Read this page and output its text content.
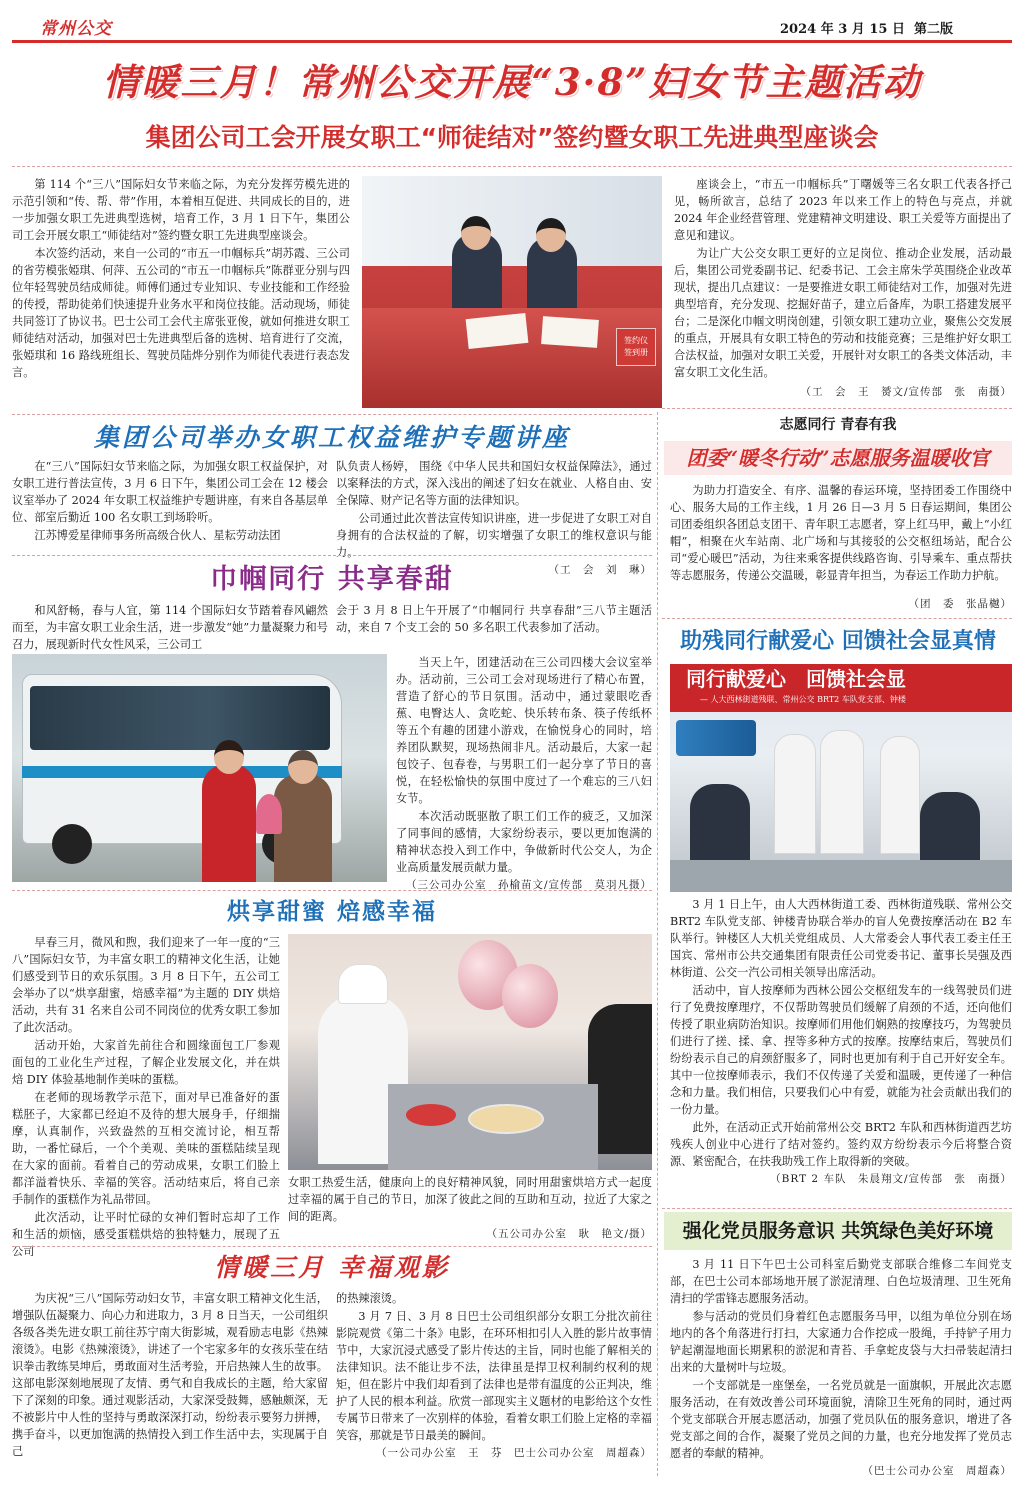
常州公交	2024 年 3 月 15 日 第二版
情暖三月！常州公交开展“3·8”妇女节主题活动
集团公司工会开展女职工“师徒结对”签约暨女职工先进典型座谈会

第 114 个“三八”国际妇女节来临之际，为充分发挥劳模先进的示范引领和“传、帮、带”作用，本着相互促进、共同成长的目的，进一步加强女职工先进典型选树，培育工作，3 月 1 日下午，集团公司工会开展女职工“师徒结对”签约暨女职工先进典型座谈会。

本次签约活动，来自一公司的“市五一巾帼标兵”胡苏霞、三公司的省劳模张婭琪、何萍、五公司的“市五一巾帼标兵”陈群亚分别与四位年轻驾驶员结成师徒。师傅们通过专业知识、专业技能和工作经验的传授，帮助徒弟们快速提升业务水平和岗位技能。活动现场，师徒共同签订了协议书。巴士公司工会代主席张亚俊，就如何推进女职工师徒结对活动，加强对巴士先进典型后备的选树、培育进行了交流，张婭琪和 16 路线班组长、驾驶员陆烨分别作为师徒代表进行表态发言。

签约仪
签到册

座谈会上，“市五一巾帼标兵”丁曙媛等三名女职工代表各抒己见，畅所欲言，总结了 2023 年以来工作上的特色与亮点，并就 2024 年企业经营管理、党建精神文明建设、职工关爱等方面提出了意见和建议。

为让广大公交女职工更好的立足岗位、推动企业发展，活动最后，集团公司党委副书记、纪委书记、工会主席朱学英围绕企业改革现状，提出几点建议：一是要推进女职工师徒结对工作，加强对先进典型培育，充分发现、挖掘好苗子，建立后备库，为职工搭建发展平台；二是深化巾帼文明岗创建，引领女职工建功立业，聚焦公交发展的重点，开展具有女职工特色的劳动和技能竞赛；三是维护好女职工合法权益，加强对女职工关爱，开展针对女职工的各类文体活动，丰富女职工文化生活。

（工　会　王　赟文/宣传部　张　南摄）

集团公司举办女职工权益维护专题讲座

在“三八”国际妇女节来临之际，为加强女职工权益保护，对女职工进行普法宣传，3 月 6 日下午，集团公司工会在 12 楼会议室举办了 2024 年女职工权益维护专题讲座，有来自各基层单位、部室后勤近 100 名女职工到场聆听。

江苏博爱星律师事务所高级合伙人、星耘劳动法团

队负责人杨婷， 围绕《中华人民共和国妇女权益保障法》，通过以案释法的方式，深入浅出的阐述了妇女在就业、人格自由、安全保障、财产记名等方面的法律知识。

公司通过此次普法宣传知识讲座，进一步促进了女职工对自身拥有的合法权益的了解，切实增强了女职工的维权意识与能力。

（工　会　刘　琳）

巾帼同行 共享春甜

和风舒畅，春与人宜，第 114 个国际妇女节踏着春风翩然而至，为丰富女职工业余生活，进一步激发“她”力量凝聚力和号召力，展现新时代女性风采，三公司工

会于 3 月 8 日上午开展了“巾帼同行 共享春甜”三八节主题活动，来自 7 个支工会的 50 多名职工代表参加了活动。

当天上午，团建活动在三公司四楼大会议室举办。活动前，三公司工会对现场进行了精心布置，营造了舒心的节日氛围。活动中，通过蒙眼吃香蕉、电臀达人、贪吃蛇、快乐转布条、筷子传纸杯等五个有趣的团建小游戏，在愉悦身心的同时，培养团队默契，现场热闹非凡。活动最后，大家一起包饺子、包春卷，与男职工们一起分享了节日的喜悦，在轻松愉快的氛围中度过了一个难忘的三八妇女节。

本次活动既驱散了职工们工作的疲乏，又加深了同事间的感情，大家纷纷表示，要以更加饱满的精神状态投入到工作中，争做新时代公交人，为企业高质量发展贡献力量。

（三公司办公室　孙榆苗文/宣传部　莫羽凡摄）

烘享甜蜜 焙感幸福

早春三月，微风和煦，我们迎来了一年一度的“三八”国际妇女节，为丰富女职工的精神文化生活，让她们感受到节日的欢乐氛围。3 月 8 日下午，五公司工会举办了以“烘享甜蜜，焙感幸福”为主题的 DIY 烘焙活动，共有 31 名来自公司不同岗位的优秀女职工参加了此次活动。

活动开始，大家首先前往合和圆缘面包工厂参观面包的工业化生产过程，了解企业发展文化，并在烘焙 DIY 体验基地制作美味的蛋糕。

在老师的现场教学示范下，面对早已准备好的蛋糕胚子，大家都已经迫不及待的想大展身手，仔细揣摩，认真制作，兴致盎然的互相交流讨论，相互帮助，一番忙碌后，一个个美观、美味的蛋糕陆续呈现在大家的面前。看着自己的劳动成果，女职工们脸上都洋溢着快乐、幸福的笑容。活动结束后，将自己亲手制作的蛋糕作为礼品带回。

此次活动，让平时忙碌的女神们暂时忘却了工作和生活的烦恼，感受蛋糕烘焙的独特魅力，展现了五公司

女职工热爱生活，健康向上的良好精神风貌，同时用甜蜜烘培方式一起度过幸福的属于自己的节日，加深了彼此之间的互助和互动，拉近了大家之间的距离。

（五公司办公室　耿　艳文/摄）

情暖三月 幸福观影

为庆祝“三八”国际劳动妇女节，丰富女职工精神文化生活，增强队伍凝聚力、向心力和进取力，3 月 8 日当天，一公司组织各级各类先进女职工前往苏宁南大街影城，观看励志电影《热辣滚烫》。电影《热辣滚烫》，讲述了一个宅家多年的女孩乐莹在结识拳击教练昊坤后，勇敢面对生活考验，开启热辣人生的故事。这部电影深刻地展现了友情、勇气和自我成长的主题，给大家留下了深刻的印象。通过观影活动，大家深受鼓舞，感触颇深，无不被影片中人性的坚持与勇敢深深打动，纷纷表示要努力拼搏，携手奋斗，以更加饱满的热情投入到工作生活中去，实现属于自己

的热辣滚烫。

3 月 7 日、3 月 8 日巴士公司组织部分女职工分批次前往影院观赏《第二十条》电影，在环环相扣引人入胜的影片故事情节中，大家沉浸式感受了影片传达的主旨，同时也能了解相关的法律知识。法不能让步不法，法律虽是捍卫权利制约权利的规矩，但在影片中我们却看到了法律也是带有温度的公正判决，维护了人民的根本利益。欣赏一部现实主义题材的电影给这个女性专属节日带来了一次别样的体验，看着女职工们脸上定格的幸福笑容，那就是节日最美的瞬间。

（一公司办公室　王　芬　巴士公司办公室　周超森）

志愿同行 青春有我
团委“暖冬行动”志愿服务温暖收官

为助力打造安全、有序、温馨的春运环境，坚持团委工作围绕中心、服务大局的工作主线，1 月 26 日—3 月 5 日春运期间，集团公司团委组织各团总支团干、青年职工志愿者，穿上红马甲，戴上“小红帽”，相聚在火车站南、北广场和与其接驳的公交枢纽场站，配合公司“爱心暖巴”活动，为往来乘客提供线路咨询、引导乘车、重点帮扶等志愿服务，传递公交温暖，彰显青年担当，为春运工作助力护航。

（团　委　张晶樾）

助残同行献爱心 回馈社会显真情
同行献爱心　回馈社会显
— 人大西林街道残联、常州公交 BRT2 车队党支部、钟楼

3 月 1 日上午，由人大西林街道工委、西林街道残联、常州公交 BRT2 车队党支部、钟楼青协联合举办的盲人免费按摩活动在 B2 车队举行。钟楼区人大机关党组成员、人大常委会人事代表工委主任王国宾、常州市公共交通集团有限责任公司党委书记、董事长吴强及西林街道、公交一汽公司相关领导出席活动。

活动中，盲人按摩师为西林公园公交枢纽发车的一线驾驶员们进行了免费按摩理疗，不仅帮助驾驶员们缓解了肩颈的不适，还向他们传授了职业病防治知识。按摩师们用他们娴熟的按摩技巧，为驾驶员们进行了搓、揉、拿、捏等多种方式的按摩。按摩结束后，驾驶员们纷纷表示自己的肩颈舒服多了，同时也更加有利于自己开好安全车。其中一位按摩师表示，我们不仅传递了关爱和温暖，更传递了一种信念和力量。我们相信，只要我们心中有爱，就能为社会贡献出我们的一份力量。

此外，在活动正式开始前常州公交 BRT2 车队和西林街道西艺坊残疾人创业中心进行了结对签约。签约双方纷纷表示今后将整合资源、紧密配合，在扶我助残工作上取得新的突破。

（BRT 2 车队　朱晨翔文/宣传部　张　南摄）

强化党员服务意识 共筑绿色美好环境

3 月 11 日下午巴士公司科室后勤党支部联合维修二车间党支部，在巴士公司本部场地开展了淤泥清理、白色垃圾清理、卫生死角清扫的学雷锋志愿服务活动。

参与活动的党员们身着红色志愿服务马甲，以组为单位分别在场地内的各个角落进行打扫，大家通力合作挖成一股绳，手持铲子用力铲起潮湿地面长期累积的淤泥和青苔、手拿蛇皮袋与大扫帚装起清扫出来的大量树叶与垃圾。

一个支部就是一座堡垒，一名党员就是一面旗帜，开展此次志愿服务活动，在有效改善公司环境面貌，清除卫生死角的同时，通过两个党支部联合开展志愿活动，加强了党员队伍的服务意识，增进了各党支部之间的合作，凝聚了党员之间的力量，也充分地发挥了党员志愿者的奉献的精神。

（巴士公司办公室　周超森）
